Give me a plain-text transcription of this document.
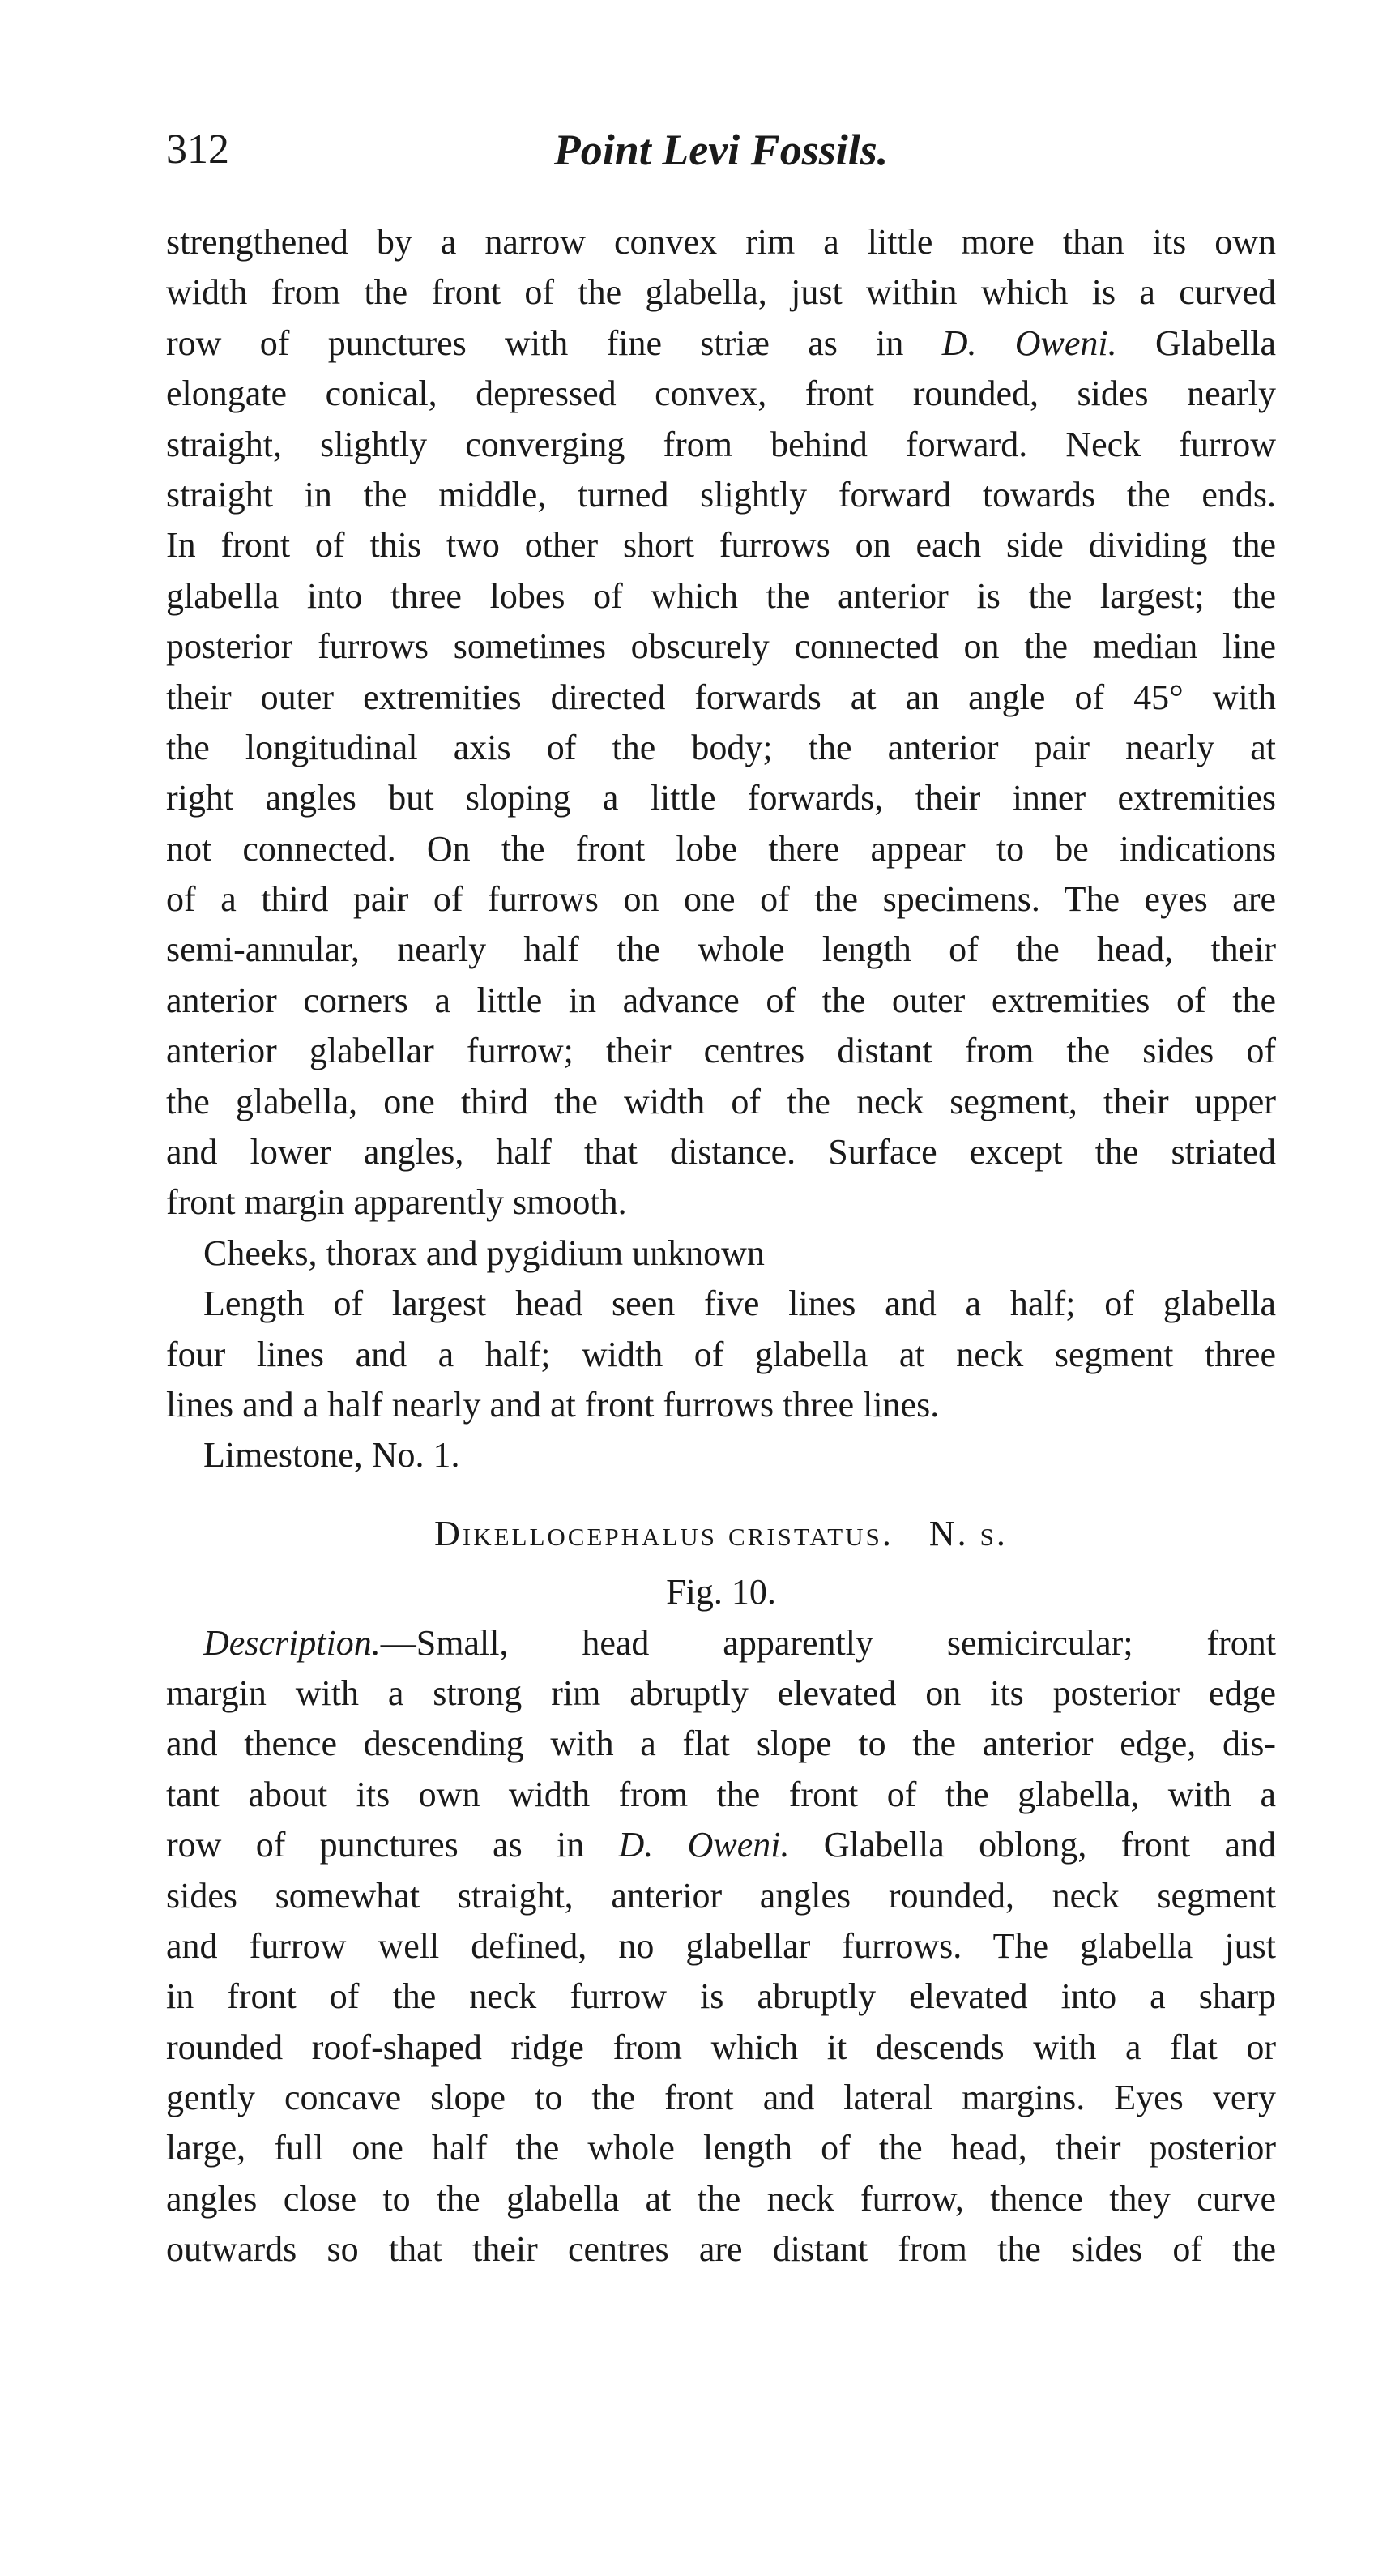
312	Point Levi Fossils.
strengthened by a narrow convex rim a little more than its own
width from the front of the glabella, just within which is a curved
row of punctures with fine striæ as in D. Oweni. Glabella
elongate conical, depressed convex, front rounded, sides nearly
straight, slightly converging from behind forward. Neck furrow
straight in the middle, turned slightly forward towards the ends.
In front of this two other short furrows on each side dividing the
glabella into three lobes of which the anterior is the largest; the
posterior furrows sometimes obscurely connected on the median line
their outer extremities directed forwards at an angle of 45° with
the longitudinal axis of the body; the anterior pair nearly at
right angles but sloping a little forwards, their inner extremities
not connected. On the front lobe there appear to be indications
of a third pair of furrows on one of the specimens. The eyes are
semi-annular, nearly half the whole length of the head, their
anterior corners a little in advance of the outer extremities of the
anterior glabellar furrow; their centres distant from the sides of
the glabella, one third the width of the neck segment, their upper
and lower angles, half that distance. Surface except the striated
front margin apparently smooth.
Cheeks, thorax and pygidium unknown
Length of largest head seen five lines and a half; of glabella
four lines and a half; width of glabella at neck segment three
lines and a half nearly and at front furrows three lines.
Limestone, No. 1.
Dikellocephalus cristatus. N. s.
Fig. 10.
Description.—Small, head apparently semicircular; front
margin with a strong rim abruptly elevated on its posterior edge
and thence descending with a flat slope to the anterior edge, dis-
tant about its own width from the front of the glabella, with a
row of punctures as in D. Oweni. Glabella oblong, front and
sides somewhat straight, anterior angles rounded, neck segment
and furrow well defined, no glabellar furrows. The glabella just
in front of the neck furrow is abruptly elevated into a sharp
rounded roof-shaped ridge from which it descends with a flat or
gently concave slope to the front and lateral margins. Eyes very
large, full one half the whole length of the head, their posterior
angles close to the glabella at the neck furrow, thence they curve
outwards so that their centres are distant from the sides of the
